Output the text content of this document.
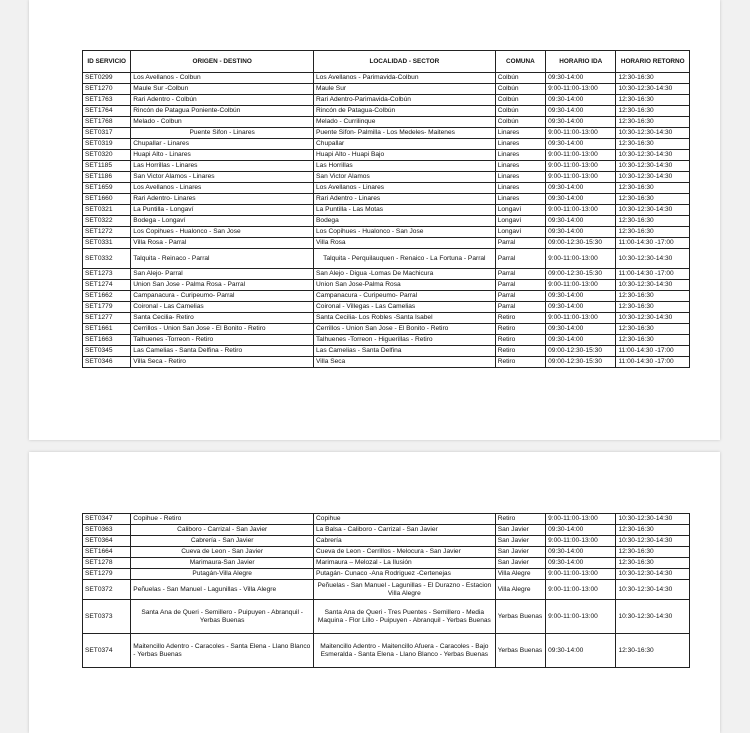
ID SERVICIO	ORIGEN - DESTINO	LOCALIDAD - SECTOR	COMUNA	HORARIO IDA	HORARIO RETORNO
SET0299	Los Avellanos - Colbun	Los Avellanos - Parimavida-Colbun	Colbún	09:30-14:00	12:30-16:30
SET1270	Maule Sur -Colbun	Maule Sur	Colbún	9:00-11:00-13:00	10:30-12:30-14:30
SET1763	Rari Adentro - Colbún	Rari Adentro-Parimavida-Colbún	Colbún	09:30-14:00	12:30-16:30
SET1764	Rincón de Patagua Poniente-Colbún	Rincón de Patagua-Colbún	Colbún	09:30-14:00	12:30-16:30
SET1768	Melado - Colbun	Melado - Currilinque	Colbún	09:30-14:00	12:30-16:30
SET0317	Puente Sifon - Linares	Puente Sifon- Palmilla - Los Medeles- Maitenes	Linares	9:00-11:00-13:00	10:30-12:30-14:30
SET0319	Chupallar - Linares	Chupallar	Linares	09:30-14:00	12:30-16:30
SET0320	Huapi Alto - Linares	Huapi Alto - Huapi Bajo	Linares	9:00-11:00-13:00	10:30-12:30-14:30
SET1185	Las Horrillas - Linares	Las Horrillas	Linares	9:00-11:00-13:00	10:30-12:30-14:30
SET1186	San Victor Alamos - Linares	San Victor Alamos	Linares	9:00-11:00-13:00	10:30-12:30-14:30
SET1659	Los Avellanos - Linares	Los Avellanos - Linares	Linares	09:30-14:00	12:30-16:30
SET1660	Rari Adentro- Linares	Rari Adentro - Linares	Linares	09:30-14:00	12:30-16:30
SET0321	La Puntilla - Longaví	La Puntilla - Las Motas	Longaví	9:00-11:00-13:00	10:30-12:30-14:30
SET0322	Bodega - Longaví	Bodega	Longaví	09:30-14:00	12:30-16:30
SET1272	Los Copihues - Hualonco - San Jose	Los Copihues - Hualonco - San Jose	Longaví	09:30-14:00	12:30-16:30
SET0331	Villa Rosa - Parral	Villa Rosa	Parral	09:00-12:30-15:30	11:00-14:30 -17:00
SET0332	Talquita - Reinaco - Parral	Talquita - Perquilauquen - Renaico - La Fortuna - Parral	Parral	9:00-11:00-13:00	10:30-12:30-14:30
SET1273	San Alejo- Parral	San Alejo - Digua -Lomas De Machicura	Parral	09:00-12:30-15:30	11:00-14:30 -17:00
SET1274	Union San Jose - Palma Rosa - Parral	Union San Jose-Palma Rosa	Parral	9:00-11:00-13:00	10:30-12:30-14:30
SET1662	Campanacura - Curipeumo- Parral	Campanacura - Curipeumo- Parral	Parral	09:30-14:00	12:30-16:30
SET1779	Coironal - Las Camelias	Coironal - Villegas - Las Camelias	Parral	09:30-14:00	12:30-16:30
SET1277	Santa Cecilia- Retiro	Santa Cecilia- Los Robles -Santa Isabel	Retiro	9:00-11:00-13:00	10:30-12:30-14:30
SET1661	Cerrillos - Union San Jose - El Bonito - Retiro	Cerrillos - Union San Jose - El Bonito - Retiro	Retiro	09:30-14:00	12:30-16:30
SET1663	Talhuenes -Torreon - Retiro	Talhuenes -Torreon - Higuerillas - Retiro	Retiro	09:30-14:00	12:30-16:30
SET0345	Las Camelias - Santa Delfina - Retiro	Las Camelias - Santa Delfina	Retiro	09:00-12:30-15:30	11:00-14:30 -17:00
SET0346	Villa Seca - Retiro	Villa Seca	Retiro	09:00-12:30-15:30	11:00-14:30 -17:00
SET0347	Copihue - Retiro	Copihue	Retiro	9:00-11:00-13:00	10:30-12:30-14:30
SET0363	Caliboro - Carrizal - San Javier	La Balsa - Caliboro - Carrizal - San Javier	San Javier	09:30-14:00	12:30-16:30
SET0364	Cabrería - San Javier	Cabrería	San Javier	9:00-11:00-13:00	10:30-12:30-14:30
SET1664	Cueva de Leon - San Javier	Cueva de Leon - Cerrillos - Melocura - San Javier	San Javier	09:30-14:00	12:30-16:30
SET1278	Marimaura-San Javier	Marimaura – Melozal - La Ilusión	San Javier	09:30-14:00	12:30-16:30
SET1279	Putagán-Villa Alegre	Putagán- Cunaco -Ana Rodriguez -Certenejas	Villa Alegre	9:00-11:00-13:00	10:30-12:30-14:30
SET0372	Peñuelas - San Manuel - Lagunillas - Villa Alegre	Peñuelas - San Manuel - Lagunillas - El Durazno - Estacion Villa Alegre	Villa Alegre	9:00-11:00-13:00	10:30-12:30-14:30
SET0373	Santa Ana de Queri - Semillero - Puipuyen - Abranquil - Yerbas Buenas	Santa Ana de Queri - Tres Puentes - Semillero - Media Maquina - Flor Lillo - Puipuyen - Abranquil - Yerbas Buenas	Yerbas Buenas	9:00-11:00-13:00	10:30-12:30-14:30
SET0374	Maitencillo Adentro - Caracoles - Santa Elena - Llano Blanco - Yerbas Buenas	Maitencillo Adentro - Maitencillo Afuera - Caracoles - Bajo Esmeralda - Santa Elena - Llano Blanco - Yerbas Buenas	Yerbas Buenas	09:30-14:00	12:30-16:30
